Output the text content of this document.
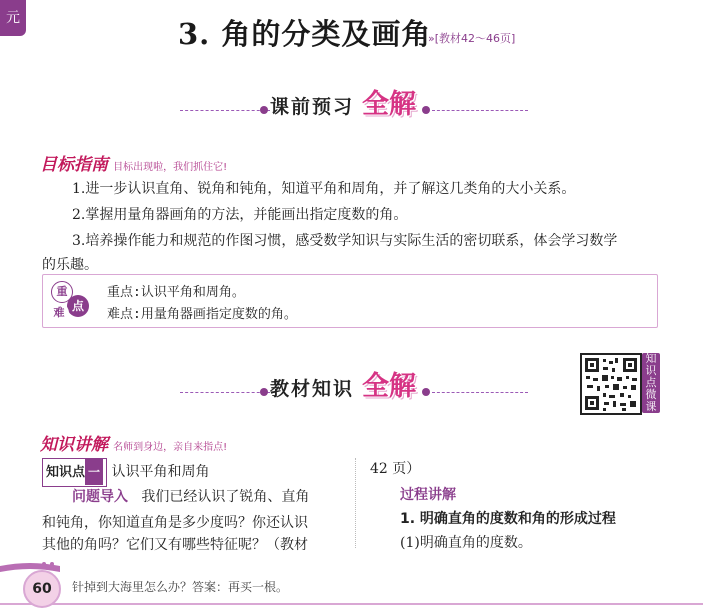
元	3. 角的分类及画角
»[教材42～46页]
课前预习 全解
目标指南 目标出现啦，我们抓住它!
1.进一步认识直角、锐角和钝角，知道平角和周角，并了解这几类角的大小关系。
2.掌握用量角器画角的方法，并能画出指定度数的角。
3.培养操作能力和规范的作图习惯，感受数学知识与实际生活的密切联系，体会学习数学
的乐趣。
重
点
难
重点:认识平角和周角。
难点:用量角器画指定度数的角。
教材知识 全解
知
识
点
微
课
知识讲解 名师到身边，亲自来指点!
知识点 一 认识平角和周角
问题导入 我们已经认识了锐角、直角
和钝角，你知道直角是多少度吗？你还认识
其他的角吗？它们又有哪些特征呢？（教材
42 页）
过程讲解
1. 明确直角的度数和角的形成过程
(1)明确直角的度数。
60	针掉到大海里怎么办？答案：再买一根。
